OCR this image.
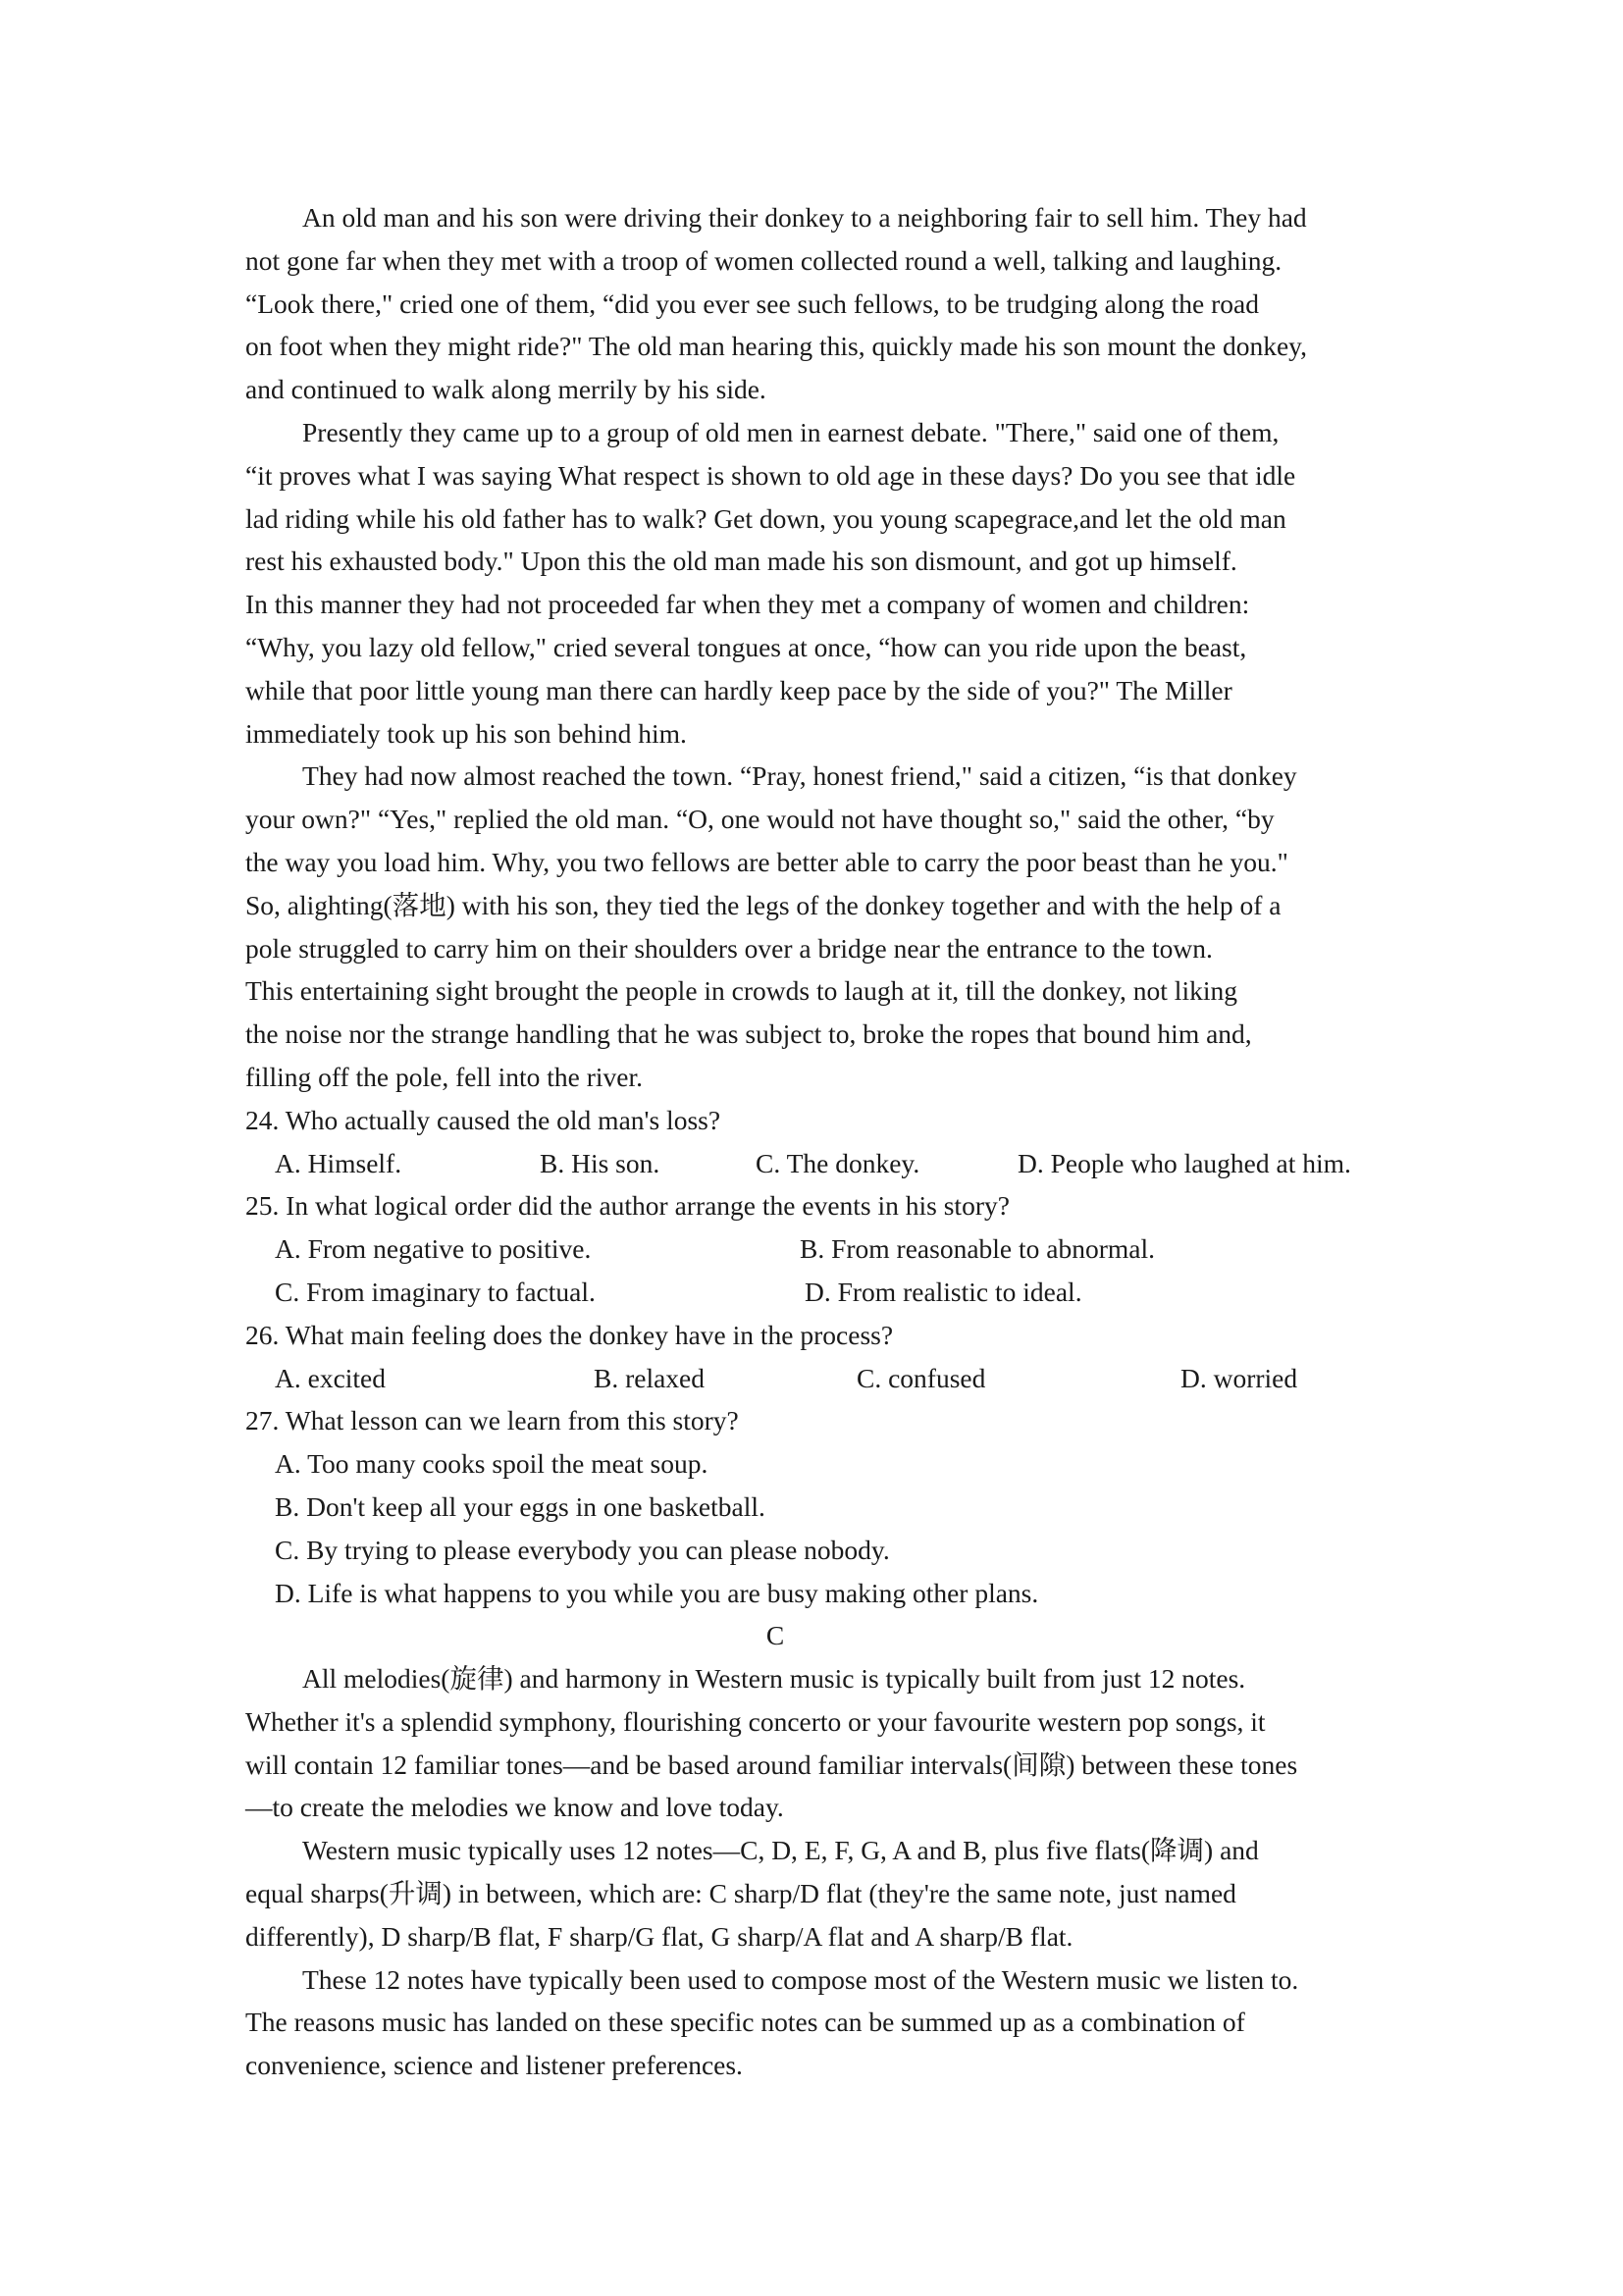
An old man and his son were driving their donkey to a neighboring fair to sell him. They had
not gone far when they met with a troop of women collected round a well, talking and laughing.
“Look there," cried one of them, “did you ever see such fellows, to be trudging along the road
on foot when they might ride?" The old man hearing this, quickly made his son mount the donkey,
and continued to walk along merrily by his side.
Presently they came up to a group of old men in earnest debate. "There," said one of them,
“it proves what I was saying What respect is shown to old age in these days? Do you see that idle
lad riding while his old father has to walk? Get down, you young scapegrace,and let the old man
rest his exhausted body." Upon this the old man made his son dismount, and got up himself.
In this manner they had not proceeded far when they met a company of women and children:
“Why, you lazy old fellow," cried several tongues at once, “how can you ride upon the beast,
while that poor little young man there can hardly keep pace by the side of you?" The Miller
immediately took up his son behind him.
They had now almost reached the town. “Pray, honest friend," said a citizen, “is that donkey
your own?" “Yes," replied the old man. “O, one would not have thought so," said the other, “by
the way you load him. Why, you two fellows are better able to carry the poor beast than he you."
So, alighting(落地) with his son, they tied the legs of the donkey together and with the help of a
pole struggled to carry him on their shoulders over a bridge near the entrance to the town.
This entertaining sight brought the people in crowds to laugh at it, till the donkey, not liking
the noise nor the strange handling that he was subject to, broke the ropes that bound him and,
filling off the pole, fell into the river.
24. Who actually caused the old man's loss?
A. Himself.	B. His son.	C. The donkey.	D. People who laughed at him.
25. In what logical order did the author arrange the events in his story?
A. From negative to positive.	B. From reasonable to abnormal.
C. From imaginary to factual.	D. From realistic to ideal.
26. What main feeling does the donkey have in the process?
A. excited	B. relaxed	C. confused	D. worried
27. What lesson can we learn from this story?
A. Too many cooks spoil the meat soup.
B. Don't keep all your eggs in one basketball.
C. By trying to please everybody you can please nobody.
D. Life is what happens to you while you are busy making other plans.
C
All melodies(旋律) and harmony in Western music is typically built from just 12 notes.
Whether it's a splendid symphony, flourishing concerto or your favourite western pop songs, it
will contain 12 familiar tones—and be based around familiar intervals(间隙) between these tones
—to create the melodies we know and love today.
Western music typically uses 12 notes—C, D, E, F, G, A and B, plus five flats(降调) and
equal sharps(升调) in between, which are: C sharp/D flat (they're the same note, just named
differently), D sharp/B flat, F sharp/G flat, G sharp/A flat and A sharp/B flat.
These 12 notes have typically been used to compose most of the Western music we listen to.
The reasons music has landed on these specific notes can be summed up as a combination of
convenience, science and listener preferences.
